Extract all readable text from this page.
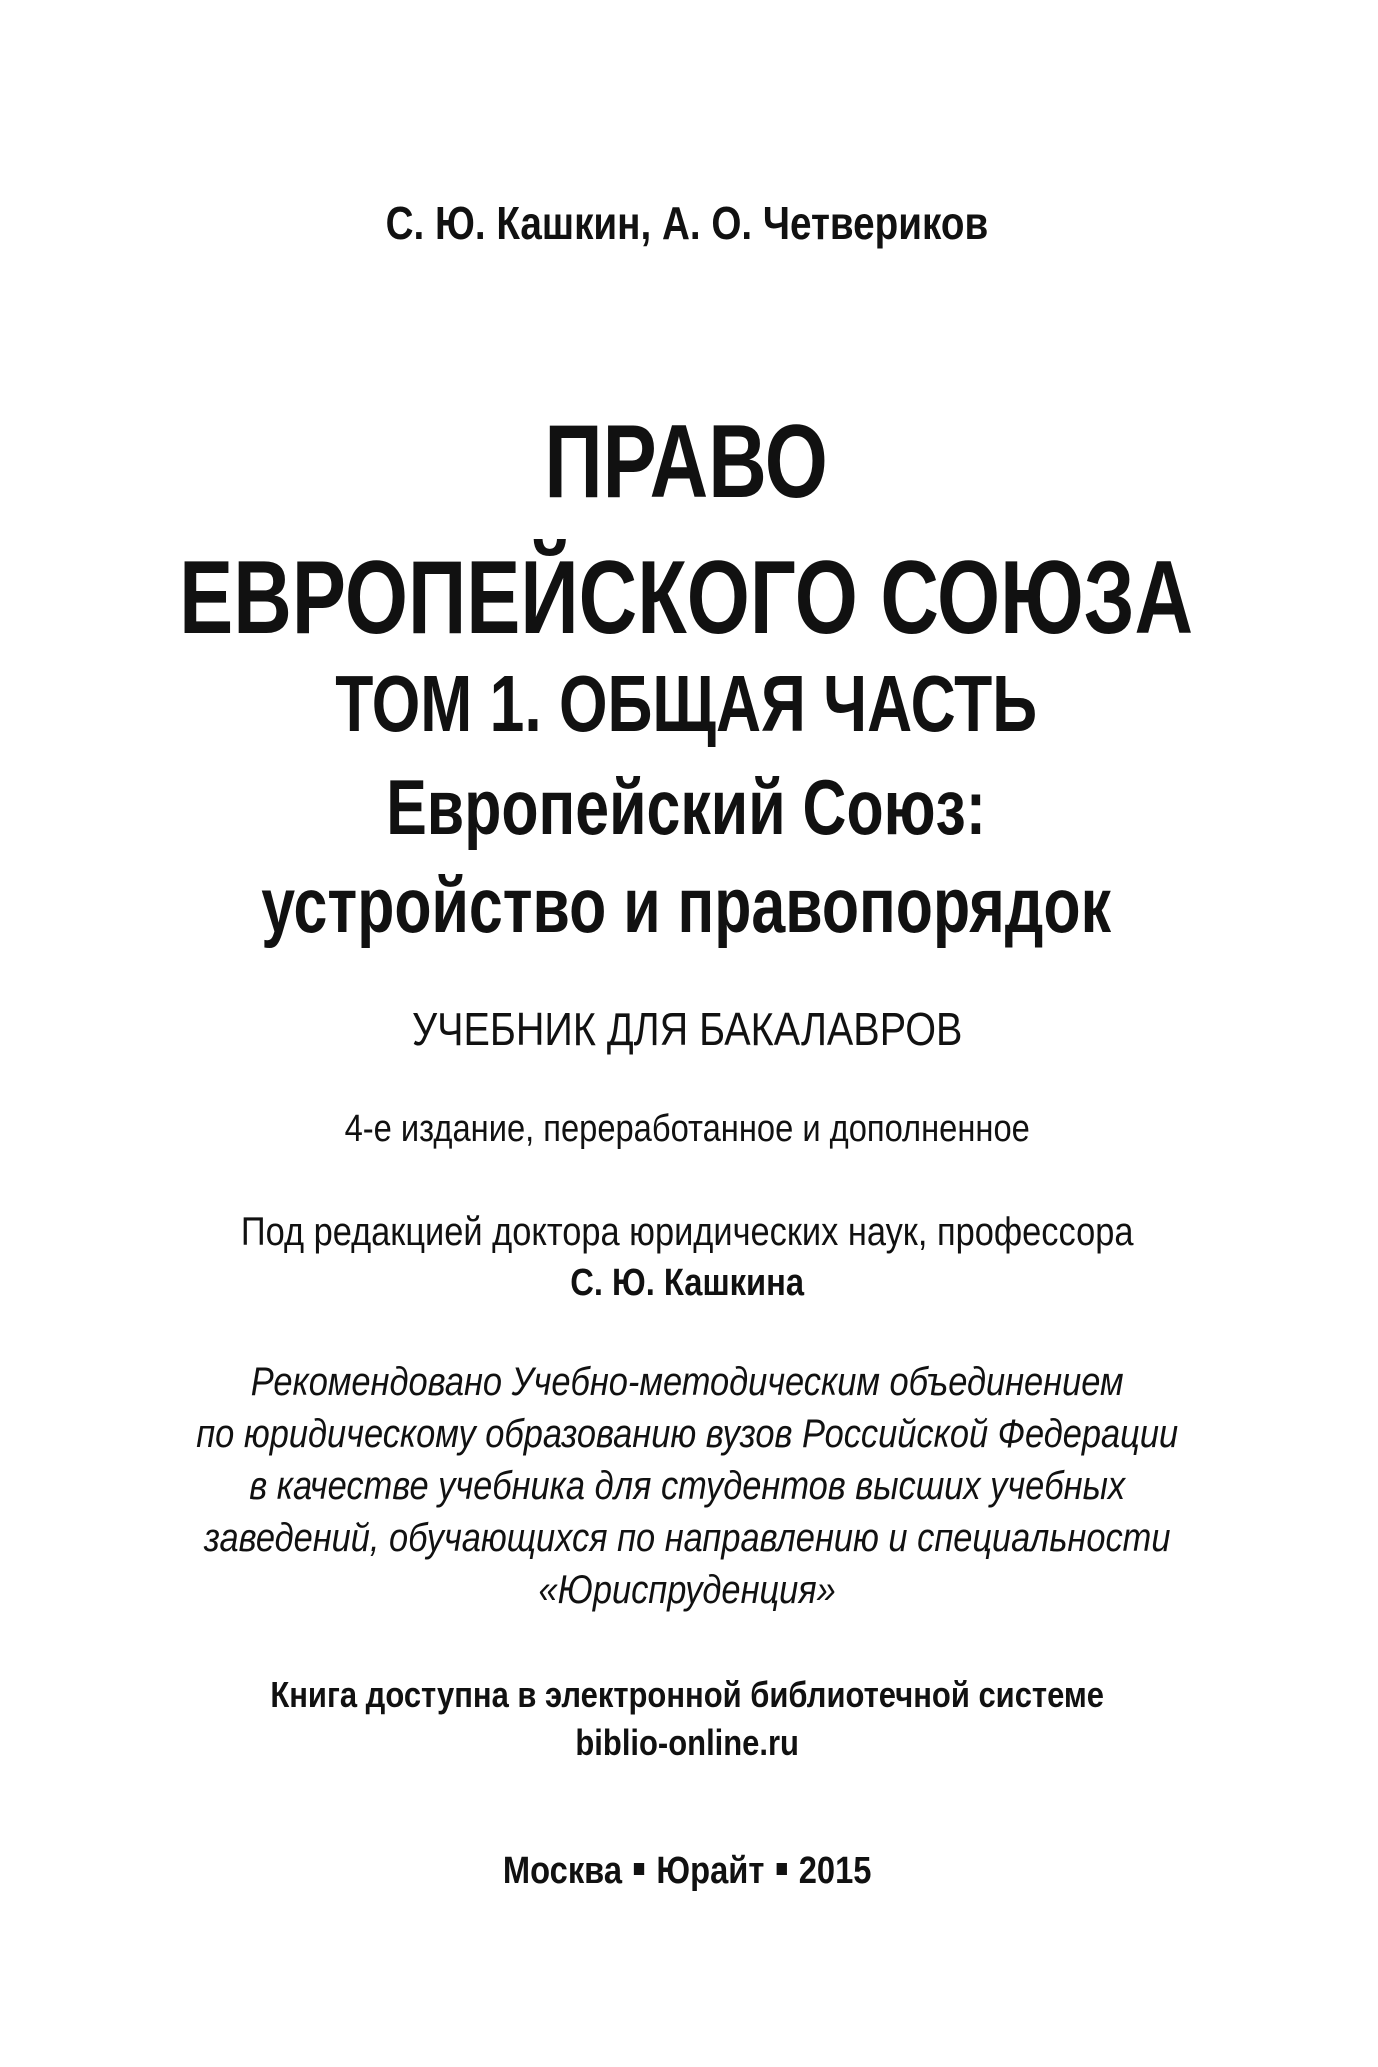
С. Ю. Кашкин, А. О. Четвериков

ПРАВО
ЕВРОПЕЙСКОГО СОЮЗА
ТОМ 1. ОБЩАЯ ЧАСТЬ
Европейский Союз:
устройство и правопорядок

УЧЕБНИК ДЛЯ БАКАЛАВРОВ

4-е издание, переработанное и дополненное

Под редакцией доктора юридических наук, профессора

С. Ю. Кашкина

Рекомендовано Учебно-методическим объединением

по юридическому образованию вузов Российской Федерации

в качестве учебника для студентов высших учебных

заведений, обучающихся по направлению и специальности

«Юриспруденция»

Книга доступна в электронной библиотечной системе

biblio-online.ru

Москва Юрайт 2015
